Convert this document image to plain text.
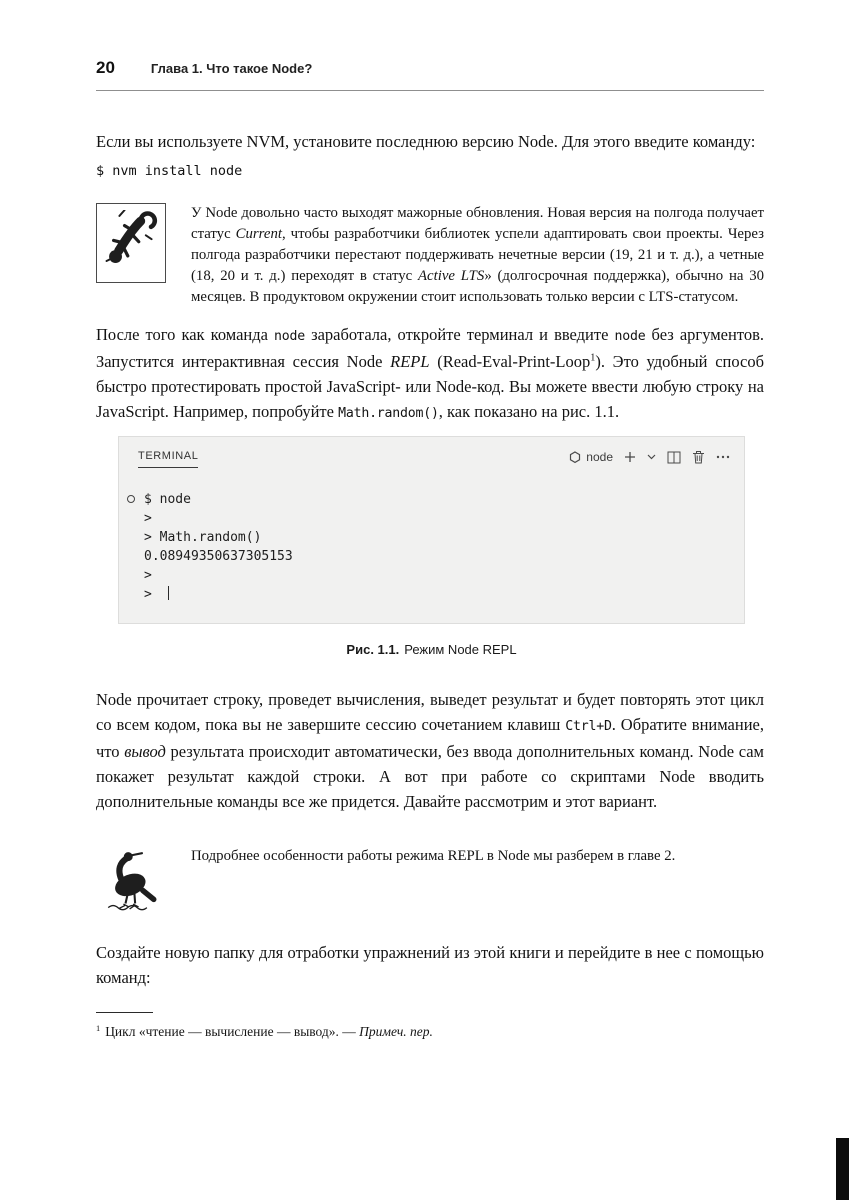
20	Глава 1. Что такое Node?

Если вы используете NVM, установите последнюю версию Node. Для этого введите команду:

$ nvm install node

У Node довольно часто выходят мажорные обновления. Новая версия на полгода получает статус Current, чтобы разработчики библиотек успели адаптировать свои проекты. Через полгода разработчики перестают поддерживать нечетные версии (19, 21 и т. д.), а четные (18, 20 и т. д.) переходят в статус Active LTS» (долгосрочная поддержка), обычно на 30 месяцев. В продуктовом окружении стоит использовать только версии с LTS-статусом.

После того как команда node заработала, откройте терминал и введите node без аргументов. Запустится интерактивная сессия Node REPL (Read-Eval-Print-Loop$^1$). Это удобный способ быстро протестировать простой JavaScript- или Node-код. Вы можете ввести любую строку на JavaScript. Например, попробуйте Math.random(), как показано на рис. 1.1.

TERMINAL	node
$ node
>
> Math.random()
0.08949350637305153
>
>
Рис. 1.1. Режим Node REPL

Node прочитает строку, проведет вычисления, выведет результат и будет повторять этот цикл со всем кодом, пока вы не завершите сессию сочетанием клавиш Ctrl+D. Обратите внимание, что вывод результата происходит автоматически, без ввода дополнительных команд. Node сам покажет результат каждой строки. А вот при работе со скриптами Node вводить дополнительные команды все же придется. Давайте рассмотрим и этот вариант.

Подробнее особенности работы режима REPL в Node мы разберем в главе 2.

Создайте новую папку для отработки упражнений из этой книги и перейдите в нее с помощью команд:

$^1$ Цикл «чтение — вычисление — вывод». — Примеч. пер.
